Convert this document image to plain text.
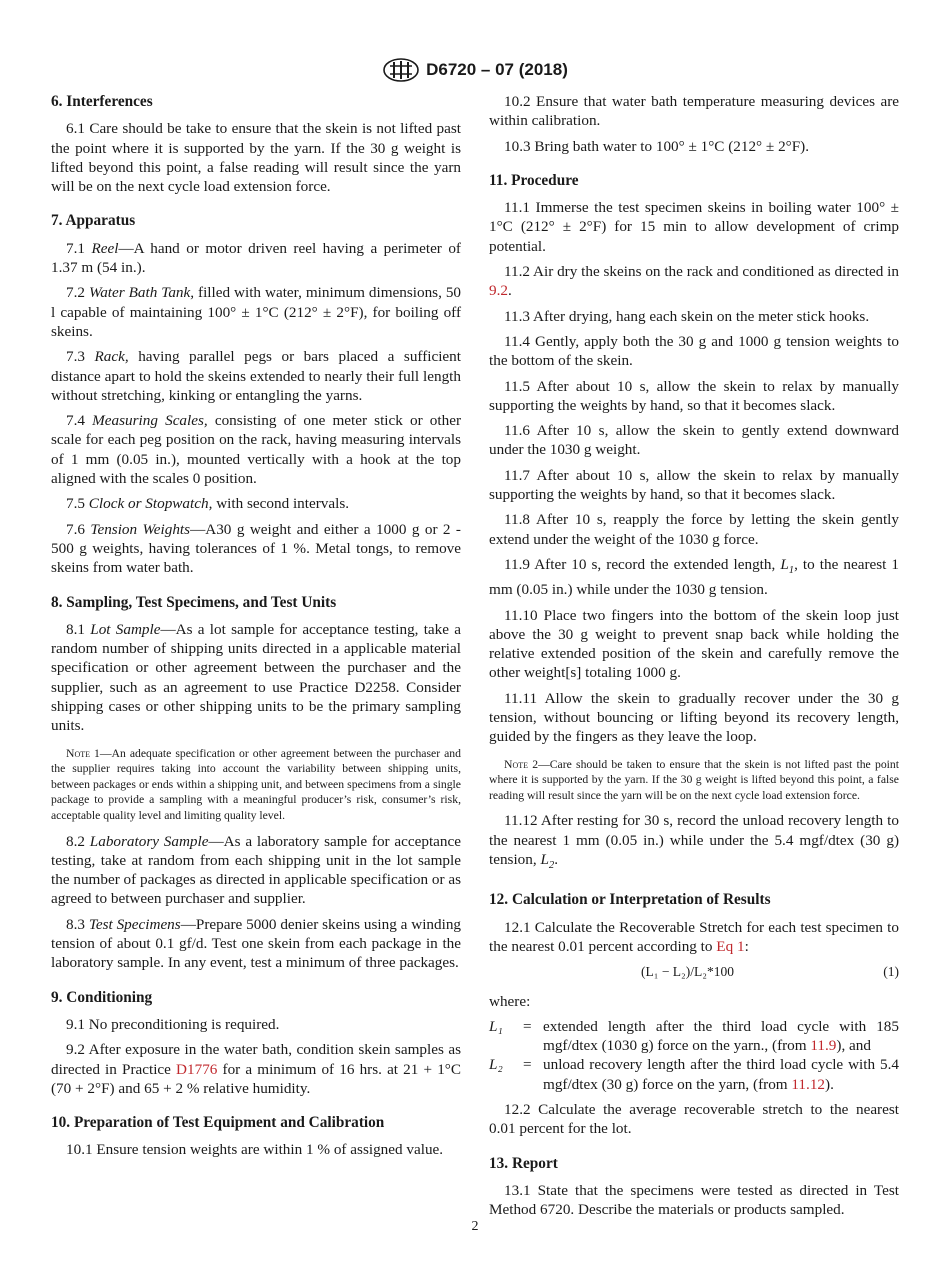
D6720 – 07 (2018)
6. Interferences

6.1 Care should be take to ensure that the skein is not lifted past the point where it is supported by the yarn. If the 30 g weight is lifted beyond this point, a false reading will result since the yarn will be on the next cycle load extension force.

7. Apparatus

7.1 Reel—A hand or motor driven reel having a perimeter of 1.37 m (54 in.).

7.2 Water Bath Tank, filled with water, minimum dimensions, 50 l capable of maintaining 100° ± 1°C (212° ± 2°F), for boiling off skeins.

7.3 Rack, having parallel pegs or bars placed a sufficient distance apart to hold the skeins extended to nearly their full length without stretching, kinking or entangling the yarns.

7.4 Measuring Scales, consisting of one meter stick or other scale for each peg position on the rack, having measuring intervals of 1 mm (0.05 in.), mounted vertically with a hook at the top aligned with the scales 0 position.

7.5 Clock or Stopwatch, with second intervals.

7.6 Tension Weights—A30 g weight and either a 1000 g or 2 - 500 g weights, having tolerances of 1 %. Metal tongs, to remove skeins from water bath.

8. Sampling, Test Specimens, and Test Units

8.1 Lot Sample—As a lot sample for acceptance testing, take a random number of shipping units directed in a applicable material specification or other agreement between the purchaser and the supplier, such as an agreement to use Practice D2258. Consider shipping cases or other shipping units to be the primary sampling units.

Note 1—An adequate specification or other agreement between the purchaser and the supplier requires taking into account the variability between shipping units, between packages or ends within a shipping unit, and between specimens from a single package to provide a sampling with a meaningful producer’s risk, consumer’s risk, acceptable quality level and limiting quality level.

8.2 Laboratory Sample—As a laboratory sample for acceptance testing, take at random from each shipping unit in the lot sample the number of packages as directed in applicable specification or as agreed to between purchaser and supplier.

8.3 Test Specimens—Prepare 5000 denier skeins using a winding tension of about 0.1 gf/d. Test one skein from each package in the laboratory sample. In any event, test a minimum of three packages.

9. Conditioning

9.1 No preconditioning is required.

9.2 After exposure in the water bath, condition skein samples as directed in Practice D1776 for a minimum of 16 hrs. at 21 + 1°C (70 + 2°F) and 65 + 2 % relative humidity.

10. Preparation of Test Equipment and Calibration

10.1 Ensure tension weights are within 1 % of assigned value.

10.2 Ensure that water bath temperature measuring devices are within calibration.

10.3 Bring bath water to 100° ± 1°C (212° ± 2°F).

11. Procedure

11.1 Immerse the test specimen skeins in boiling water 100° ± 1°C (212° ± 2°F) for 15 min to allow development of crimp potential.

11.2 Air dry the skeins on the rack and conditioned as directed in 9.2.

11.3 After drying, hang each skein on the meter stick hooks.

11.4 Gently, apply both the 30 g and 1000 g tension weights to the bottom of the skein.

11.5 After about 10 s, allow the skein to relax by manually supporting the weights by hand, so that it becomes slack.

11.6 After 10 s, allow the skein to gently extend downward under the 1030 g weight.

11.7 After about 10 s, allow the skein to relax by manually supporting the weights by hand, so that it becomes slack.

11.8 After 10 s, reapply the force by letting the skein gently extend under the weight of the 1030 g force.

11.9 After 10 s, record the extended length, $L_1$, to the nearest 1 mm (0.05 in.) while under the 1030 g tension.

11.10 Place two fingers into the bottom of the skein loop just above the 30 g weight to prevent snap back while holding the relative extended position of the skein and carefully remove the other weight[s] totaling 1000 g.

11.11 Allow the skein to gradually recover under the 30 g tension, without bouncing or lifting beyond its recovery length, guided by the fingers as they leave the loop.

Note 2—Care should be taken to ensure that the skein is not lifted past the point where it is supported by the yarn. If the 30 g weight is lifted beyond this point, a false reading will result since the yarn will be on the next cycle load extension force.

11.12 After resting for 30 s, record the unload recovery length to the nearest 1 mm (0.05 in.) while under the 5.4 mgf/dtex (30 g) tension, $L_2$.

12. Calculation or Interpretation of Results

12.1 Calculate the Recoverable Stretch for each test specimen to the nearest 0.01 percent according to Eq 1:

(L₁ − L₂)/L₂*100	(1)

where:

L₁	= extended length after the third load cycle with 185 mgf/dtex (1030 g) force on the yarn., (from 11.9), and
L₂	= unload recovery length after the third load cycle with 5.4 mgf/dtex (30 g) force on the yarn, (from 11.12).

12.2 Calculate the average recoverable stretch to the nearest 0.01 percent for the lot.

13. Report

13.1 State that the specimens were tested as directed in Test Method 6720. Describe the materials or products sampled.

2
